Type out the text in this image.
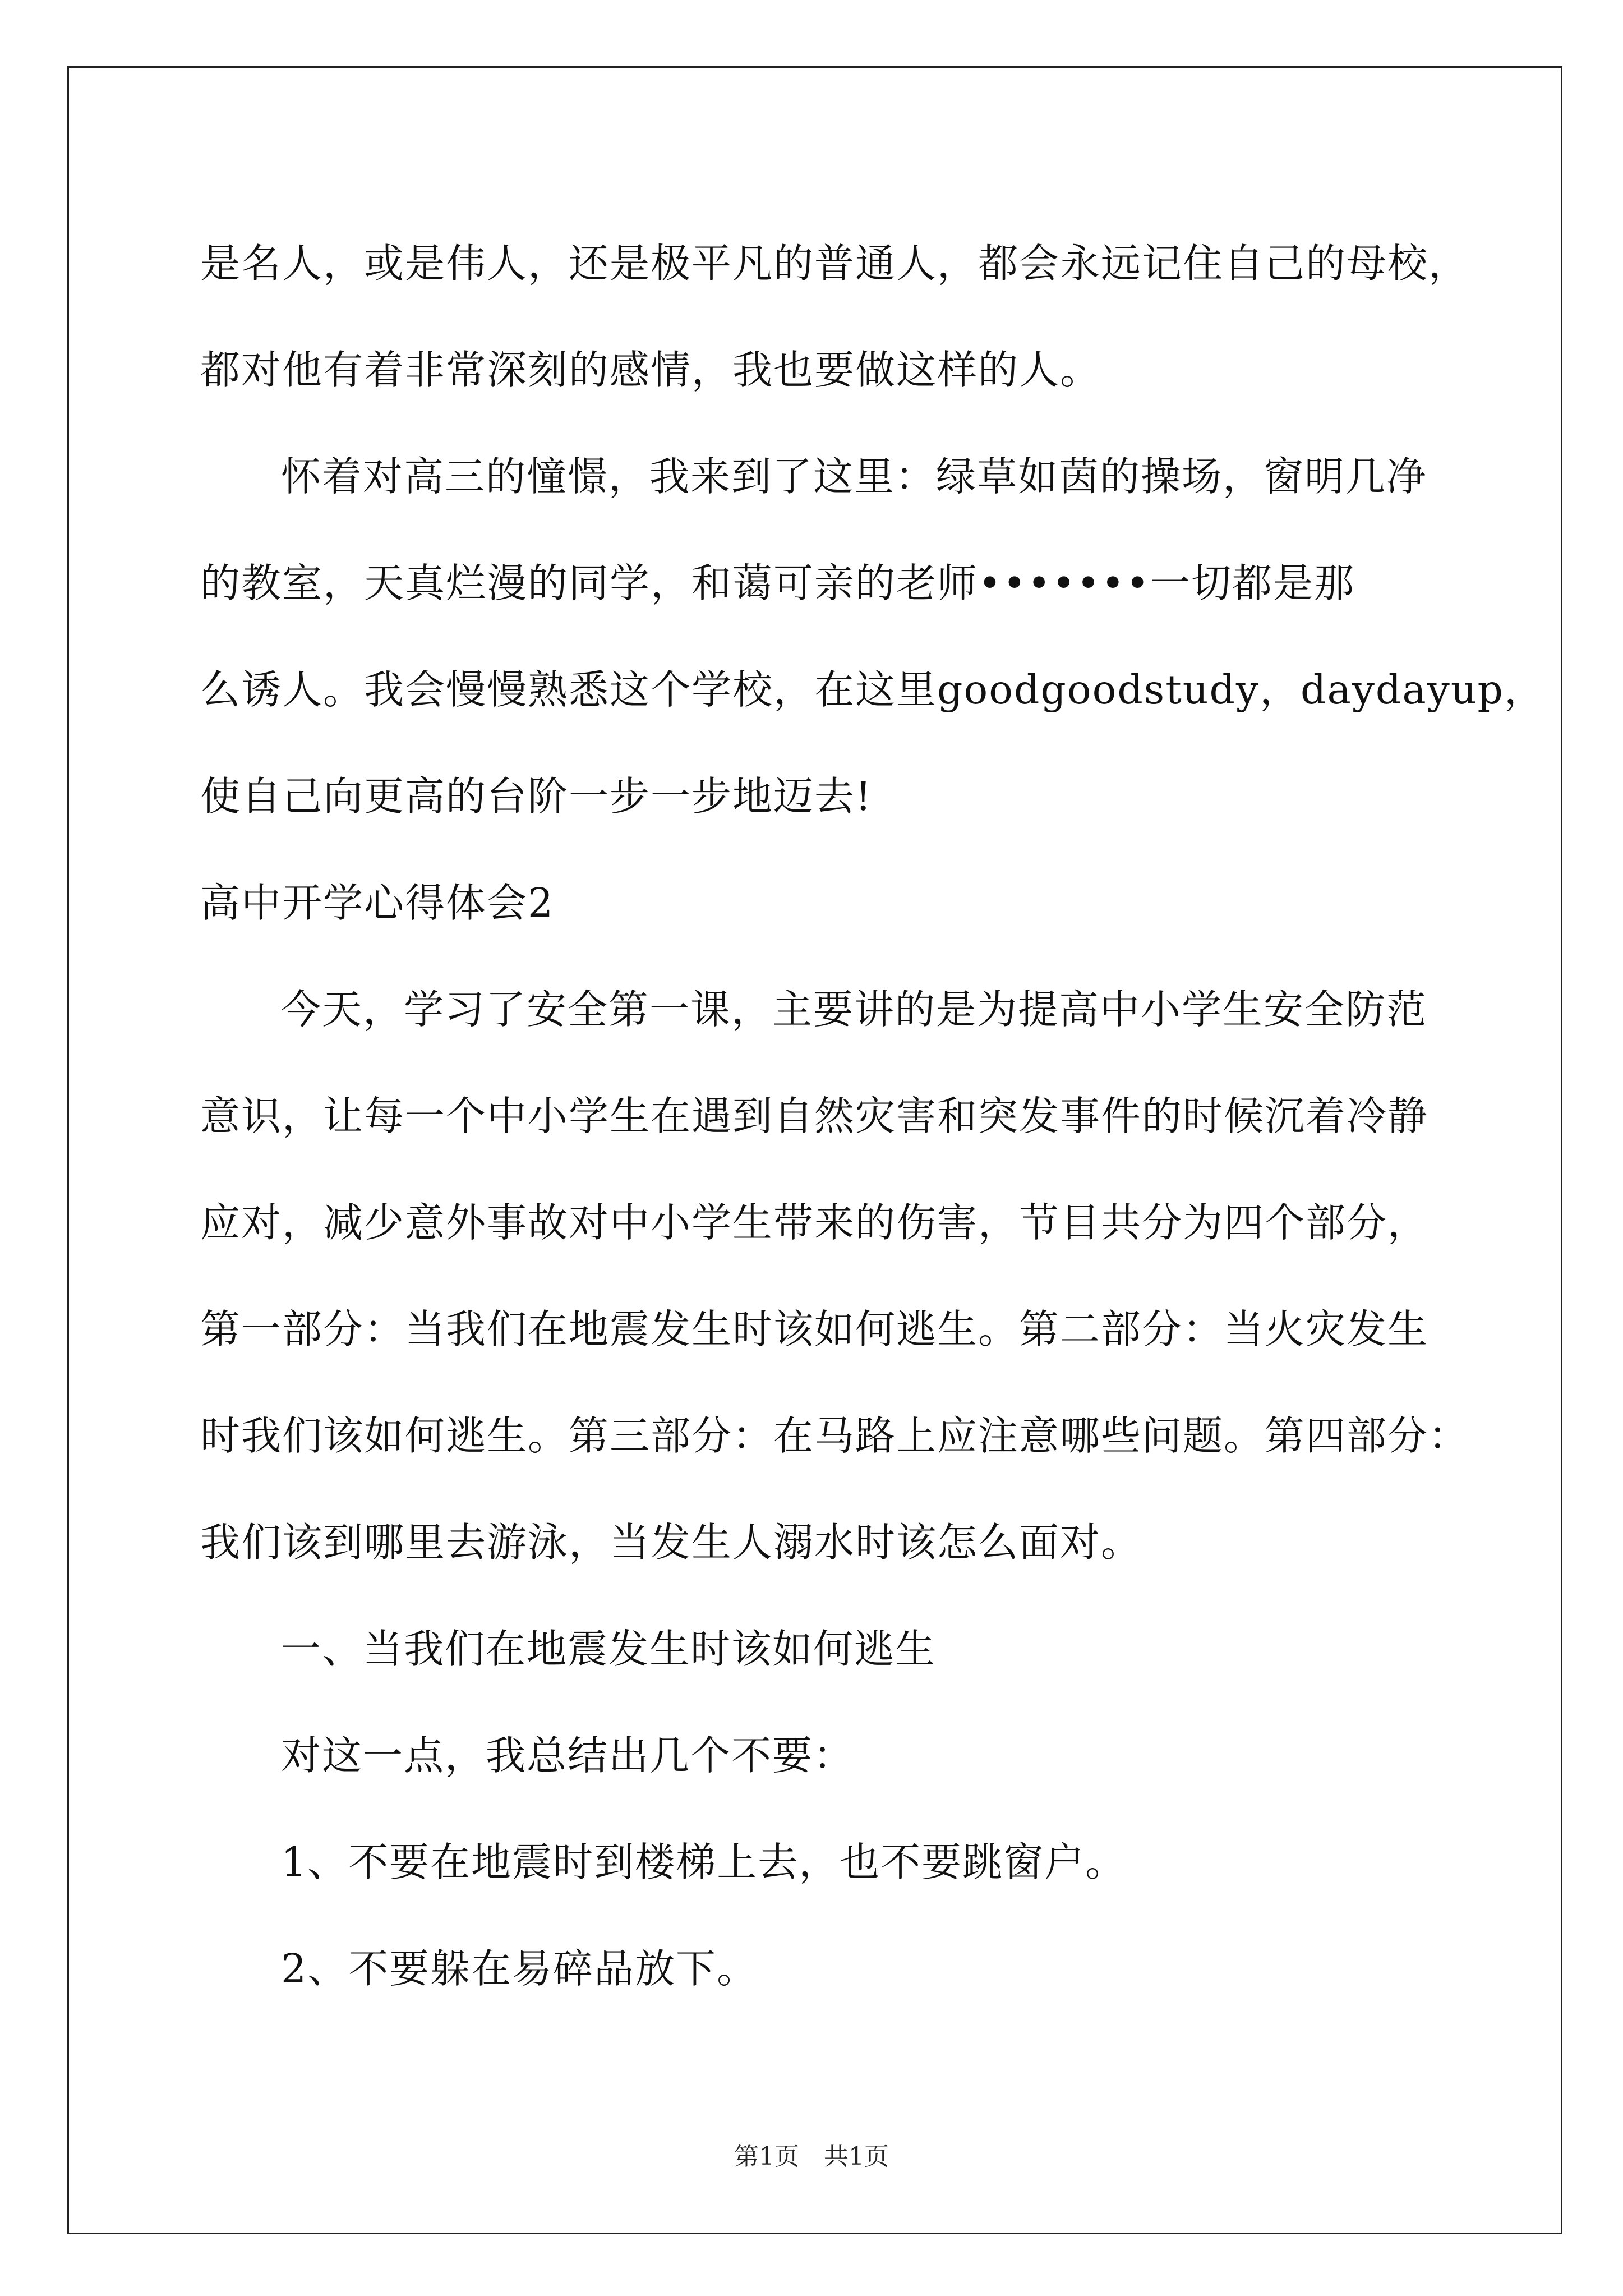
是名人，或是伟人，还是极平凡的普通人，都会永远记住自己的母校，
都对他有着非常深刻的感情，我也要做这样的人。
怀着对高三的憧憬，我来到了这里：绿草如茵的操场，窗明几净
的教室，天真烂漫的同学，和蔼可亲的老师•••••••一切都是那
么诱人。我会慢慢熟悉这个学校，在这里goodgoodstudy，daydayup，
使自己向更高的台阶一步一步地迈去!
高中开学心得体会2
今天，学习了安全第一课，主要讲的是为提高中小学生安全防范
意识，让每一个中小学生在遇到自然灾害和突发事件的时候沉着冷静
应对，减少意外事故对中小学生带来的伤害，节目共分为四个部分，
第一部分：当我们在地震发生时该如何逃生。第二部分：当火灾发生
时我们该如何逃生。第三部分：在马路上应注意哪些问题。第四部分：
我们该到哪里去游泳，当发生人溺水时该怎么面对。
一、当我们在地震发生时该如何逃生
对这一点，我总结出几个不要：
1、不要在地震时到楼梯上去，也不要跳窗户。
2、不要躲在易碎品放下。
第1页　共1页
